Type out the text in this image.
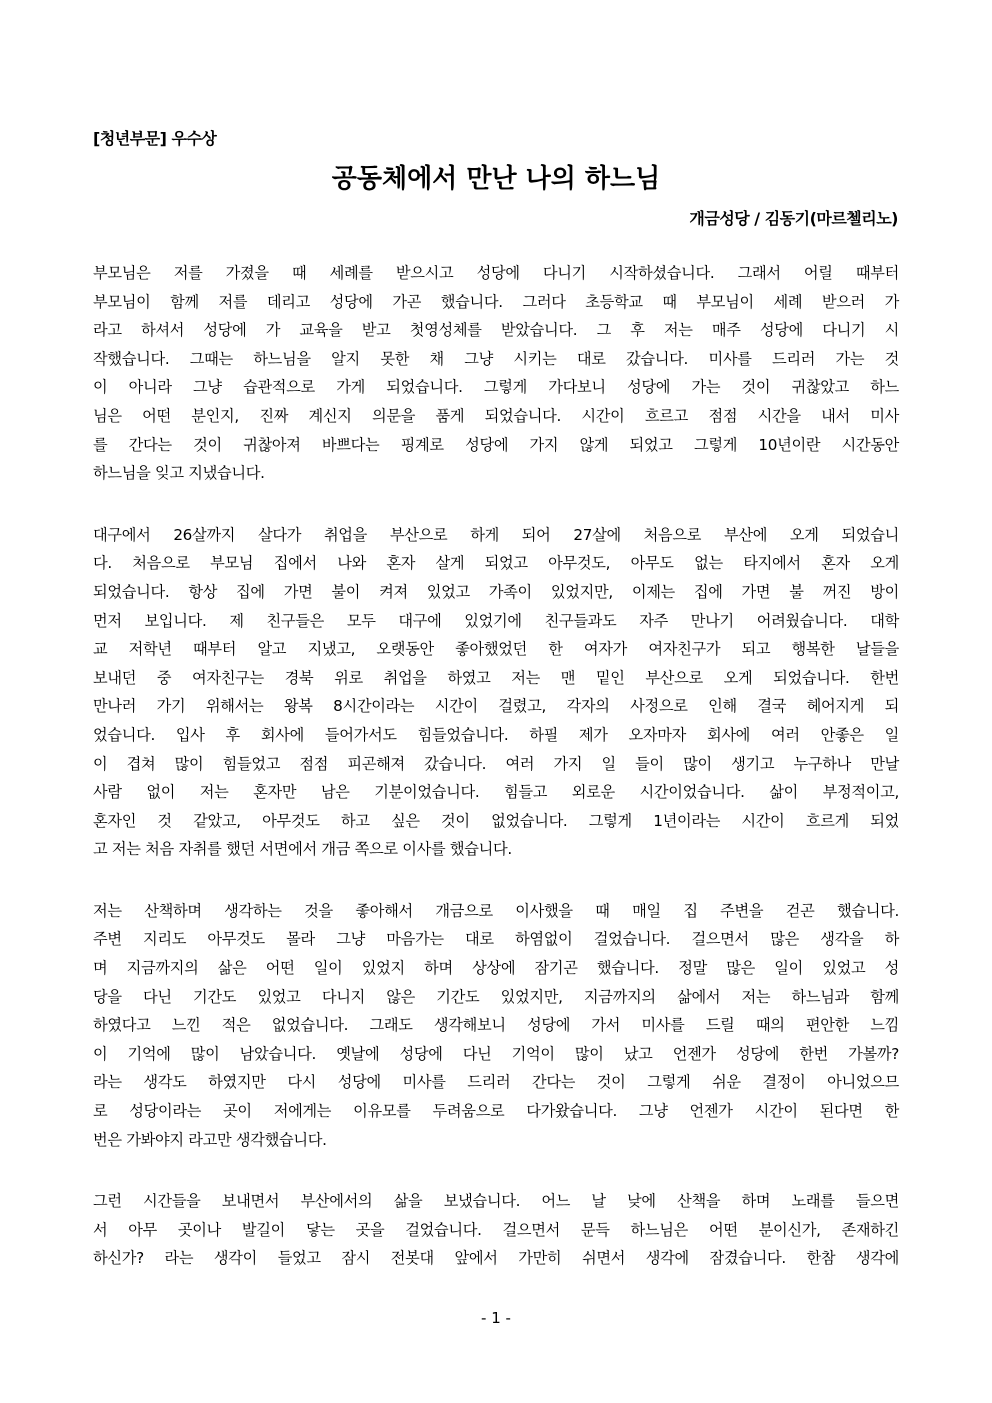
[청년부문] 우수상
공동체에서 만난 나의 하느님
개금성당 / 김동기(마르첼리노)
부모님은 저를 가졌을 때 세례를 받으시고 성당에 다니기 시작하셨습니다. 그래서 어릴 때부터
부모님이 함께 저를 데리고 성당에 가곤 했습니다. 그러다 초등학교 때 부모님이 세례 받으러 가
라고 하셔서 성당에 가 교육을 받고 첫영성체를 받았습니다. 그 후 저는 매주 성당에 다니기 시
작했습니다. 그때는 하느님을 알지 못한 채 그냥 시키는 대로 갔습니다. 미사를 드리러 가는 것
이 아니라 그냥 습관적으로 가게 되었습니다. 그렇게 가다보니 성당에 가는 것이 귀찮았고 하느
님은 어떤 분인지, 진짜 계신지 의문을 품게 되었습니다. 시간이 흐르고 점점 시간을 내서 미사
를 간다는 것이 귀찮아져 바쁘다는 핑계로 성당에 가지 않게 되었고 그렇게 10년이란 시간동안
하느님을 잊고 지냈습니다.
대구에서 26살까지 살다가 취업을 부산으로 하게 되어 27살에 처음으로 부산에 오게 되었습니
다. 처음으로 부모님 집에서 나와 혼자 살게 되었고 아무것도, 아무도 없는 타지에서 혼자 오게
되었습니다. 항상 집에 가면 불이 켜져 있었고 가족이 있었지만, 이제는 집에 가면 불 꺼진 방이
먼저 보입니다. 제 친구들은 모두 대구에 있었기에 친구들과도 자주 만나기 어려웠습니다. 대학
교 저학년 때부터 알고 지냈고, 오랫동안 좋아했었던 한 여자가 여자친구가 되고 행복한 날들을
보내던 중 여자친구는 경북 위로 취업을 하였고 저는 맨 밑인 부산으로 오게 되었습니다. 한번
만나러 가기 위해서는 왕복 8시간이라는 시간이 걸렸고, 각자의 사정으로 인해 결국 헤어지게 되
었습니다. 입사 후 회사에 들어가서도 힘들었습니다. 하필 제가 오자마자 회사에 여러 안좋은 일
이 겹쳐 많이 힘들었고 점점 피곤해져 갔습니다. 여러 가지 일 들이 많이 생기고 누구하나 만날
사람 없이 저는 혼자만 남은 기분이었습니다. 힘들고 외로운 시간이었습니다. 삶이 부정적이고,
혼자인 것 같았고, 아무것도 하고 싶은 것이 없었습니다. 그렇게 1년이라는 시간이 흐르게 되었
고 저는 처음 자취를 했던 서면에서 개금 쪽으로 이사를 했습니다.
저는 산책하며 생각하는 것을 좋아해서 개금으로 이사했을 때 매일 집 주변을 걷곤 했습니다.
주변 지리도 아무것도 몰라 그냥 마음가는 대로 하염없이 걸었습니다. 걸으면서 많은 생각을 하
며 지금까지의 삶은 어떤 일이 있었지 하며 상상에 잠기곤 했습니다. 정말 많은 일이 있었고 성
당을 다닌 기간도 있었고 다니지 않은 기간도 있었지만, 지금까지의 삶에서 저는 하느님과 함께
하였다고 느낀 적은 없었습니다. 그래도 생각해보니 성당에 가서 미사를 드릴 때의 편안한 느낌
이 기억에 많이 남았습니다. 옛날에 성당에 다닌 기억이 많이 났고 언젠가 성당에 한번 가볼까?
라는 생각도 하였지만 다시 성당에 미사를 드리러 간다는 것이 그렇게 쉬운 결정이 아니었으므
로 성당이라는 곳이 저에게는 이유모를 두려움으로 다가왔습니다. 그냥 언젠가 시간이 된다면 한
번은 가봐야지 라고만 생각했습니다.
그런 시간들을 보내면서 부산에서의 삶을 보냈습니다. 어느 날 낮에 산책을 하며 노래를 들으면
서 아무 곳이나 발길이 닿는 곳을 걸었습니다. 걸으면서 문득 하느님은 어떤 분이신가, 존재하긴
하신가? 라는 생각이 들었고 잠시 전봇대 앞에서 가만히 쉬면서 생각에 잠겼습니다. 한참 생각에
- 1 -
